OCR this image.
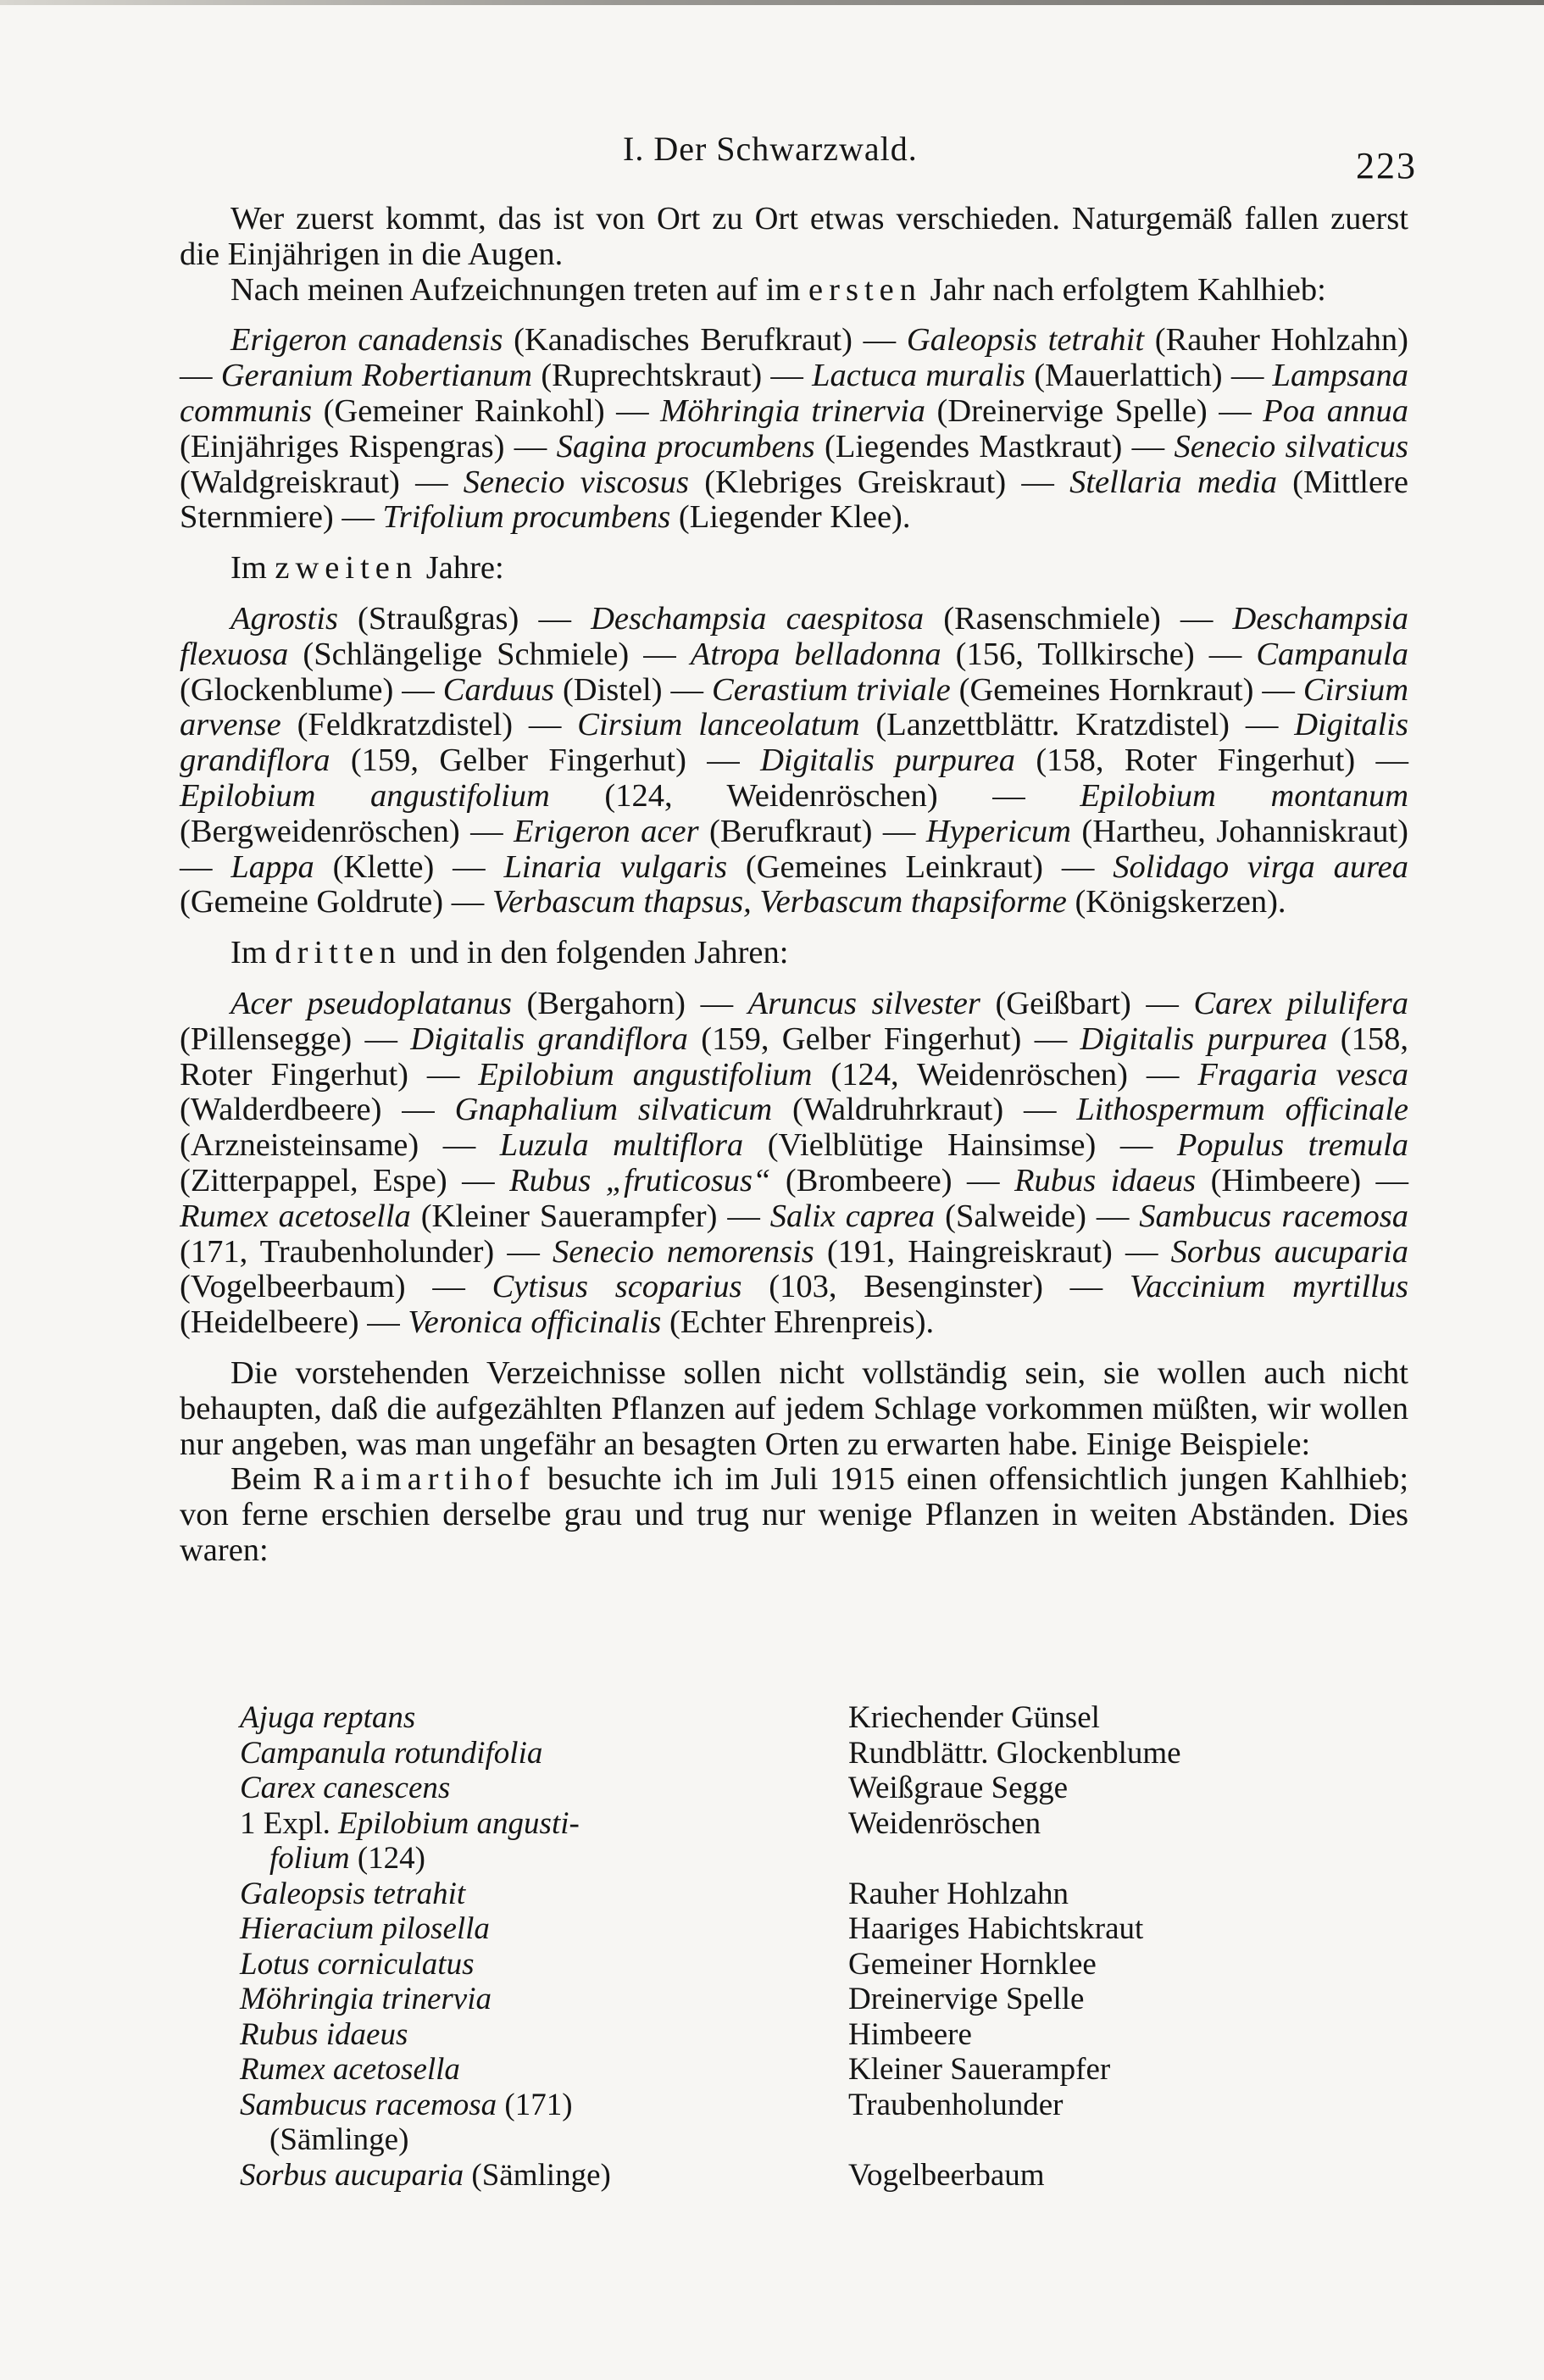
I. Der Schwarzwald.	223

Wer zuerst kommt, das ist von Ort zu Ort etwas verschieden. Naturgemäß fallen zuerst die Einjährigen in die Augen.

Nach meinen Aufzeichnungen treten auf im ersten Jahr nach erfolgtem Kahlhieb:

Erigeron canadensis (Kanadisches Berufkraut) — Galeopsis tetrahit (Rauher Hohlzahn) — Geranium Robertianum (Ruprechtskraut) — Lactuca muralis (Mauerlattich) — Lampsana communis (Gemeiner Rainkohl) — Möhringia trinervia (Dreinervige Spelle) — Poa annua (Einjähriges Rispengras) — Sagina procumbens (Liegendes Mastkraut) — Senecio silvaticus (Waldgreiskraut) — Senecio viscosus (Klebriges Greiskraut) — Stellaria media (Mittlere Sternmiere) — Trifolium procumbens (Liegender Klee).

Im zweiten Jahre:

Agrostis (Straußgras) — Deschampsia caespitosa (Rasenschmiele) — Deschampsia flexuosa (Schlängelige Schmiele) — Atropa belladonna (156, Tollkirsche) — Campanula (Glockenblume) — Carduus (Distel) — Cerastium triviale (Gemeines Hornkraut) — Cirsium arvense (Feldkratzdistel) — Cirsium lanceolatum (Lanzettblättr. Kratzdistel) — Digitalis grandiflora (159, Gelber Fingerhut) — Digitalis purpurea (158, Roter Fingerhut) — Epilobium angustifolium (124, Weidenröschen) — Epilobium montanum (Bergweidenröschen) — Erigeron acer (Berufkraut) — Hypericum (Hartheu, Johanniskraut) — Lappa (Klette) — Linaria vulgaris (Gemeines Leinkraut) — Solidago virga aurea (Gemeine Goldrute) — Verbascum thapsus, Verbascum thapsiforme (Königskerzen).

Im dritten und in den folgenden Jahren:

Acer pseudoplatanus (Bergahorn) — Aruncus silvester (Geißbart) — Carex pilulifera (Pillensegge) — Digitalis grandiflora (159, Gelber Fingerhut) — Digitalis purpurea (158, Roter Fingerhut) — Epilobium angustifolium (124, Weidenröschen) — Fragaria vesca (Walderdbeere) — Gnaphalium silvaticum (Waldruhrkraut) — Lithospermum officinale (Arzneisteinsame) — Luzula multiflora (Vielblütige Hainsimse) — Populus tremula (Zitterpappel, Espe) — Rubus „fruticosus“ (Brombeere) — Rubus idaeus (Himbeere) — Rumex acetosella (Kleiner Sauerampfer) — Salix caprea (Salweide) — Sambucus racemosa (171, Traubenholunder) — Senecio nemorensis (191, Haingreiskraut) — Sorbus aucuparia (Vogelbeerbaum) — Cytisus scoparius (103, Besenginster) — Vaccinium myrtillus (Heidelbeere) — Veronica officinalis (Echter Ehrenpreis).

Die vorstehenden Verzeichnisse sollen nicht vollständig sein, sie wollen auch nicht behaupten, daß die aufgezählten Pflanzen auf jedem Schlage vorkommen müßten, wir wollen nur angeben, was man ungefähr an besagten Orten zu erwarten habe. Einige Beispiele:

Beim Raimartihof besuchte ich im Juli 1915 einen offensichtlich jungen Kahlhieb; von ferne erschien derselbe grau und trug nur wenige Pflanzen in weiten Abständen. Dies waren:

Ajuga reptans	Kriechender Günsel
Campanula rotundifolia	Rundblättr. Glockenblume
Carex canescens	Weißgraue Segge
1 Expl. Epilobium angusti-	Weidenröschen
folium (124)
Galeopsis tetrahit	Rauher Hohlzahn
Hieracium pilosella	Haariges Habichtskraut
Lotus corniculatus	Gemeiner Hornklee
Möhringia trinervia	Dreinervige Spelle
Rubus idaeus	Himbeere
Rumex acetosella	Kleiner Sauerampfer
Sambucus racemosa (171)	Traubenholunder
(Sämlinge)
Sorbus aucuparia (Sämlinge)	Vogelbeerbaum
